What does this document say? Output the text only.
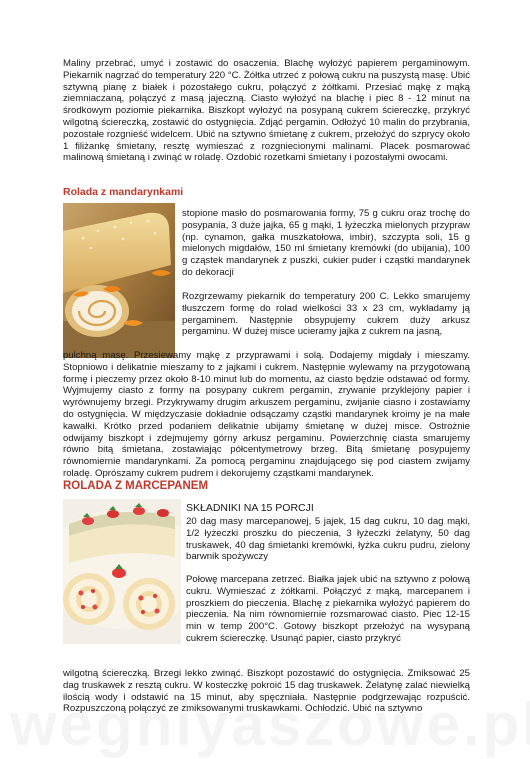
Maliny przebrać, umyć i zostawić do osaczenia. Blachę wyłożyć papierem pergaminowym. Piekarnik nagrzać do temperatury 220 °C. Żółtka utrzeć z połową cukru na puszystą masę. Ubić sztywną pianę z białek i pozostałego cukru, połączyć z żółtkami. Przesiać mąkę z mąką ziemniaczaną, połączyć z masą jajeczną. Ciasto wyłożyć na blachę i piec 8 - 12 minut na środkowym poziomie piekarnika. Biszkopt wyłożyć na posypaną cukrem ściereczkę, przykryć wilgotną ściereczką, zostawić do ostygnięcia. Zdjąć pergamin. Odłożyć 10 malin do przybrania, pozostałe rozgnieść widelcem. Ubić na sztywno śmietanę z cukrem, przełożyć do szprycy około 1 filiżankę śmietany, resztę wymieszać z rozgniecionymi malinami. Placek posmarować malinową śmietaną i zwinąć w roladę. Ozdobić rozetkami śmietany i pozostałymi owocami.

Rolada z mandarynkami

stopione masło do posmarowania formy, 75 g cukru oraz trochę do posypania, 3 duże jajka, 65 g mąki, 1 łyżeczka mielonych przypraw (np. cynamon, gałka muszkatołowa, imbir), szczypta soli, 15 g mielonych migdałów, 150 ml śmietany kremówki (do ubijania), 100 g cząstek mandarynek z puszki, cukier puder i cząstki mandarynek do dekoracji

Rozgrzewamy piekarnik do temperatury 200 C. Lekko smarujemy tłuszczem formę do rolad wielkości 33 x 23 cm, wykładamy ją pergaminem. Następnie obsypujemy cukrem duży arkusz pergaminu. W dużej misce ucieramy jajka z cukrem na jasną,

pulchną masę. Przesiewamy mąkę z przyprawami i solą. Dodajemy migdały i mieszamy. Stopniowo i delikatnie mieszamy to z jajkami i cukrem. Następnie wylewamy na przygotowaną formę i pieczemy przez około 8-10 minut lub do momentu, aż ciasto będzie odstawać od formy. Wyjmujemy ciasto z formy na posypany cukrem pergamin, zrywanie przyklejony papier i wyrównujemy brzegi. Przykrywamy drugim arkuszem pergaminu, zwijanie ciasno i zostawiamy do ostygnięcia. W międzyczasie dokładnie odsączamy cząstki mandarynek kroimy je na małe kawałki. Krótko przed podaniem delikatnie ubijamy śmietanę w dużej misce. Ostrożnie odwijamy biszkopt i zdejmujemy górny arkusz pergaminu. Powierzchnię ciasta smarujemy równo bitą śmietana, zostawiając półcentymetrowy brzeg. Bitą śmietanę posypujemy równomiernie mandarynkami. Za pomocą pergaminu znajdującego się pod ciastem zwijamy roladę. Oprószamy cukrem pudrem i dekorujemy cząstkami mandarynek.

ROLADA Z MARCEPANEM

SKŁADNIKI NA 15 PORCJI

20 dag masy marcepanowej, 5 jajek, 15 dag cukru, 10 dag mąki, 1/2 łyżeczki proszku do pieczenia, 3 łyżeczki żelatyny, 50 dag truskawek, 40 dag śmietanki kremówki, łyżka cukru pudru, zielony barwnik spożywczy

Połowę marcepana zetrzeć. Białka jajek ubić na sztywno z połową cukru. Wymieszać z żółtkami. Połączyć z mąką, marcepanem i proszkiem do pieczenia. Blachę z piekarnika wyłożyć papierem do pieczenia. Na nim równomiernie rozsmarować ciasto. Piec 12-15 min w temp 200°C. Gotowy biszkopt przełożyć na wysypaną cukrem ściereczkę. Usunąć papier, ciasto przykryć

wilgotną ściereczką. Brzegi lekko zwinąć. Biszkopt pozostawić do ostygnięcia. Zmiksować 25 dag truskawek z resztą cukru. W kosteczkę pokroić 15 dag truskawek. Żelatynę zalać niewielką ilością wody i odstawić na 15 minut, aby spęczniała. Następnie podgrzewając rozpuścić. Rozpuszczoną połączyć ze zmiksowanymi truskawkami. Ochłodzić. Ubić na sztywno
